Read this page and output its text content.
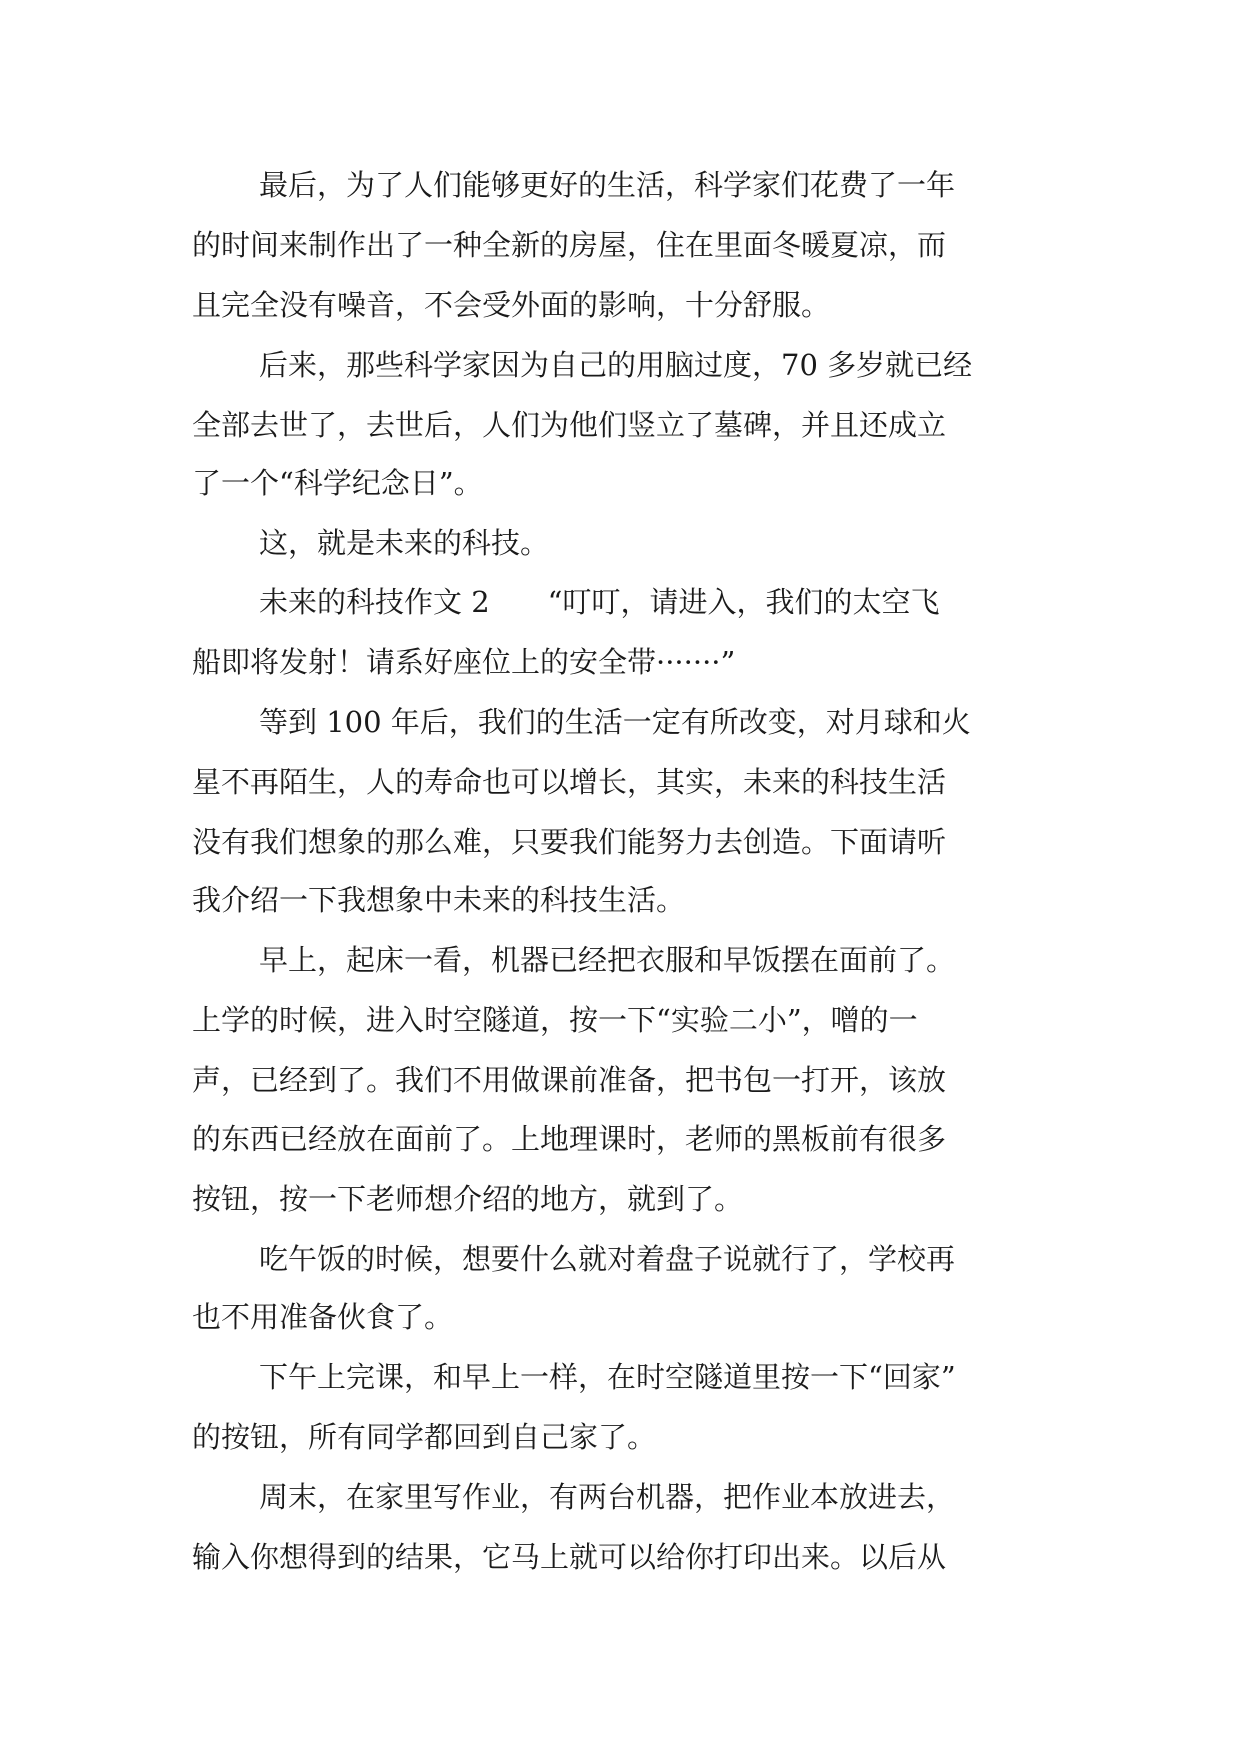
最后，为了人们能够更好的生活，科学家们花费了一年

的时间来制作出了一种全新的房屋，住在里面冬暖夏凉，而

且完全没有噪音，不会受外面的影响，十分舒服。

后来，那些科学家因为自己的用脑过度，70 多岁就已经

全部去世了，去世后，人们为他们竖立了墓碑，并且还成立

了一个“科学纪念日”。

这，就是未来的科技。

未来的科技作文 2　　“叮叮，请进入，我们的太空飞

船即将发射！请系好座位上的安全带·······”

等到 100 年后，我们的生活一定有所改变，对月球和火

星不再陌生，人的寿命也可以增长，其实，未来的科技生活

没有我们想象的那么难，只要我们能努力去创造。下面请听

我介绍一下我想象中未来的科技生活。

早上，起床一看，机器已经把衣服和早饭摆在面前了。

上学的时候，进入时空隧道，按一下“实验二小”，噌的一

声，已经到了。我们不用做课前准备，把书包一打开，该放

的东西已经放在面前了。上地理课时，老师的黑板前有很多

按钮，按一下老师想介绍的地方，就到了。

吃午饭的时候，想要什么就对着盘子说就行了，学校再

也不用准备伙食了。

下午上完课，和早上一样，在时空隧道里按一下“回家”

的按钮，所有同学都回到自己家了。

周末，在家里写作业，有两台机器，把作业本放进去，

输入你想得到的结果，它马上就可以给你打印出来。以后从
